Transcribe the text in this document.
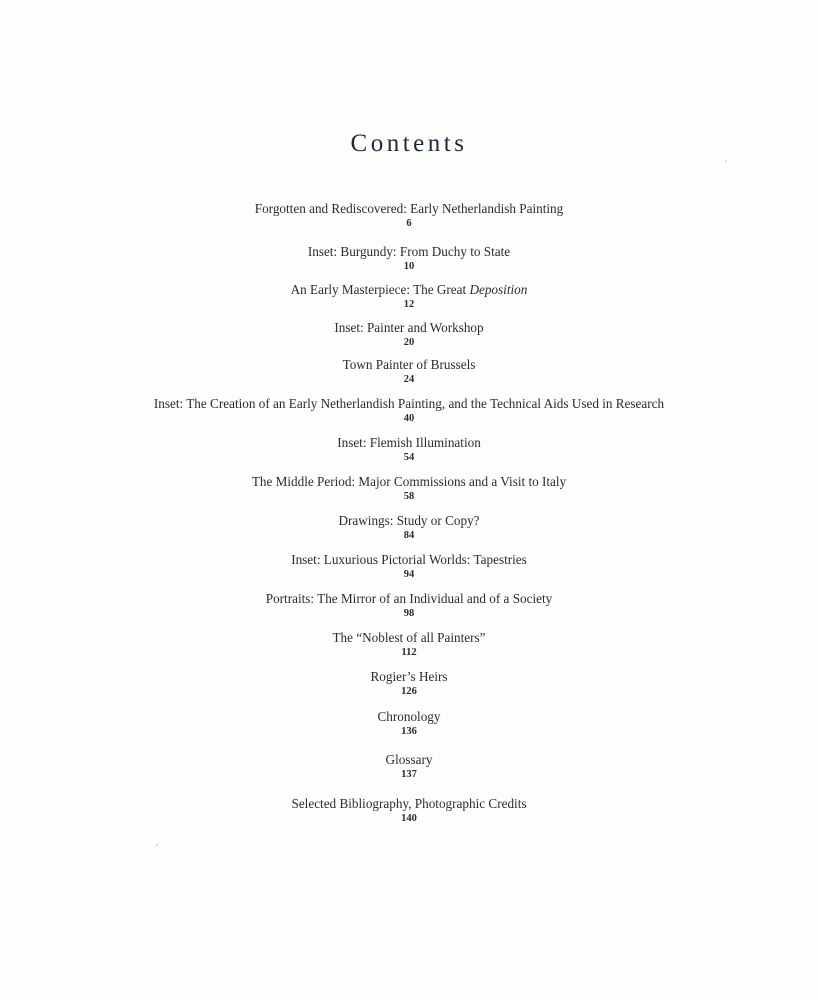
Contents
Forgotten and Rediscovered: Early Netherlandish Painting
6
Inset: Burgundy: From Duchy to State
10
An Early Masterpiece: The Great Deposition
12
Inset: Painter and Workshop
20
Town Painter of Brussels
24
Inset: The Creation of an Early Netherlandish Painting, and the Technical Aids Used in Research
40
Inset: Flemish Illumination
54
The Middle Period: Major Commissions and a Visit to Italy
58
Drawings: Study or Copy?
84
Inset: Luxurious Pictorial Worlds: Tapestries
94
Portraits: The Mirror of an Individual and of a Society
98
The “Noblest of all Painters”
112
Rogier’s Heirs
126
Chronology
136
Glossary
137
Selected Bibliography, Photographic Credits
140
